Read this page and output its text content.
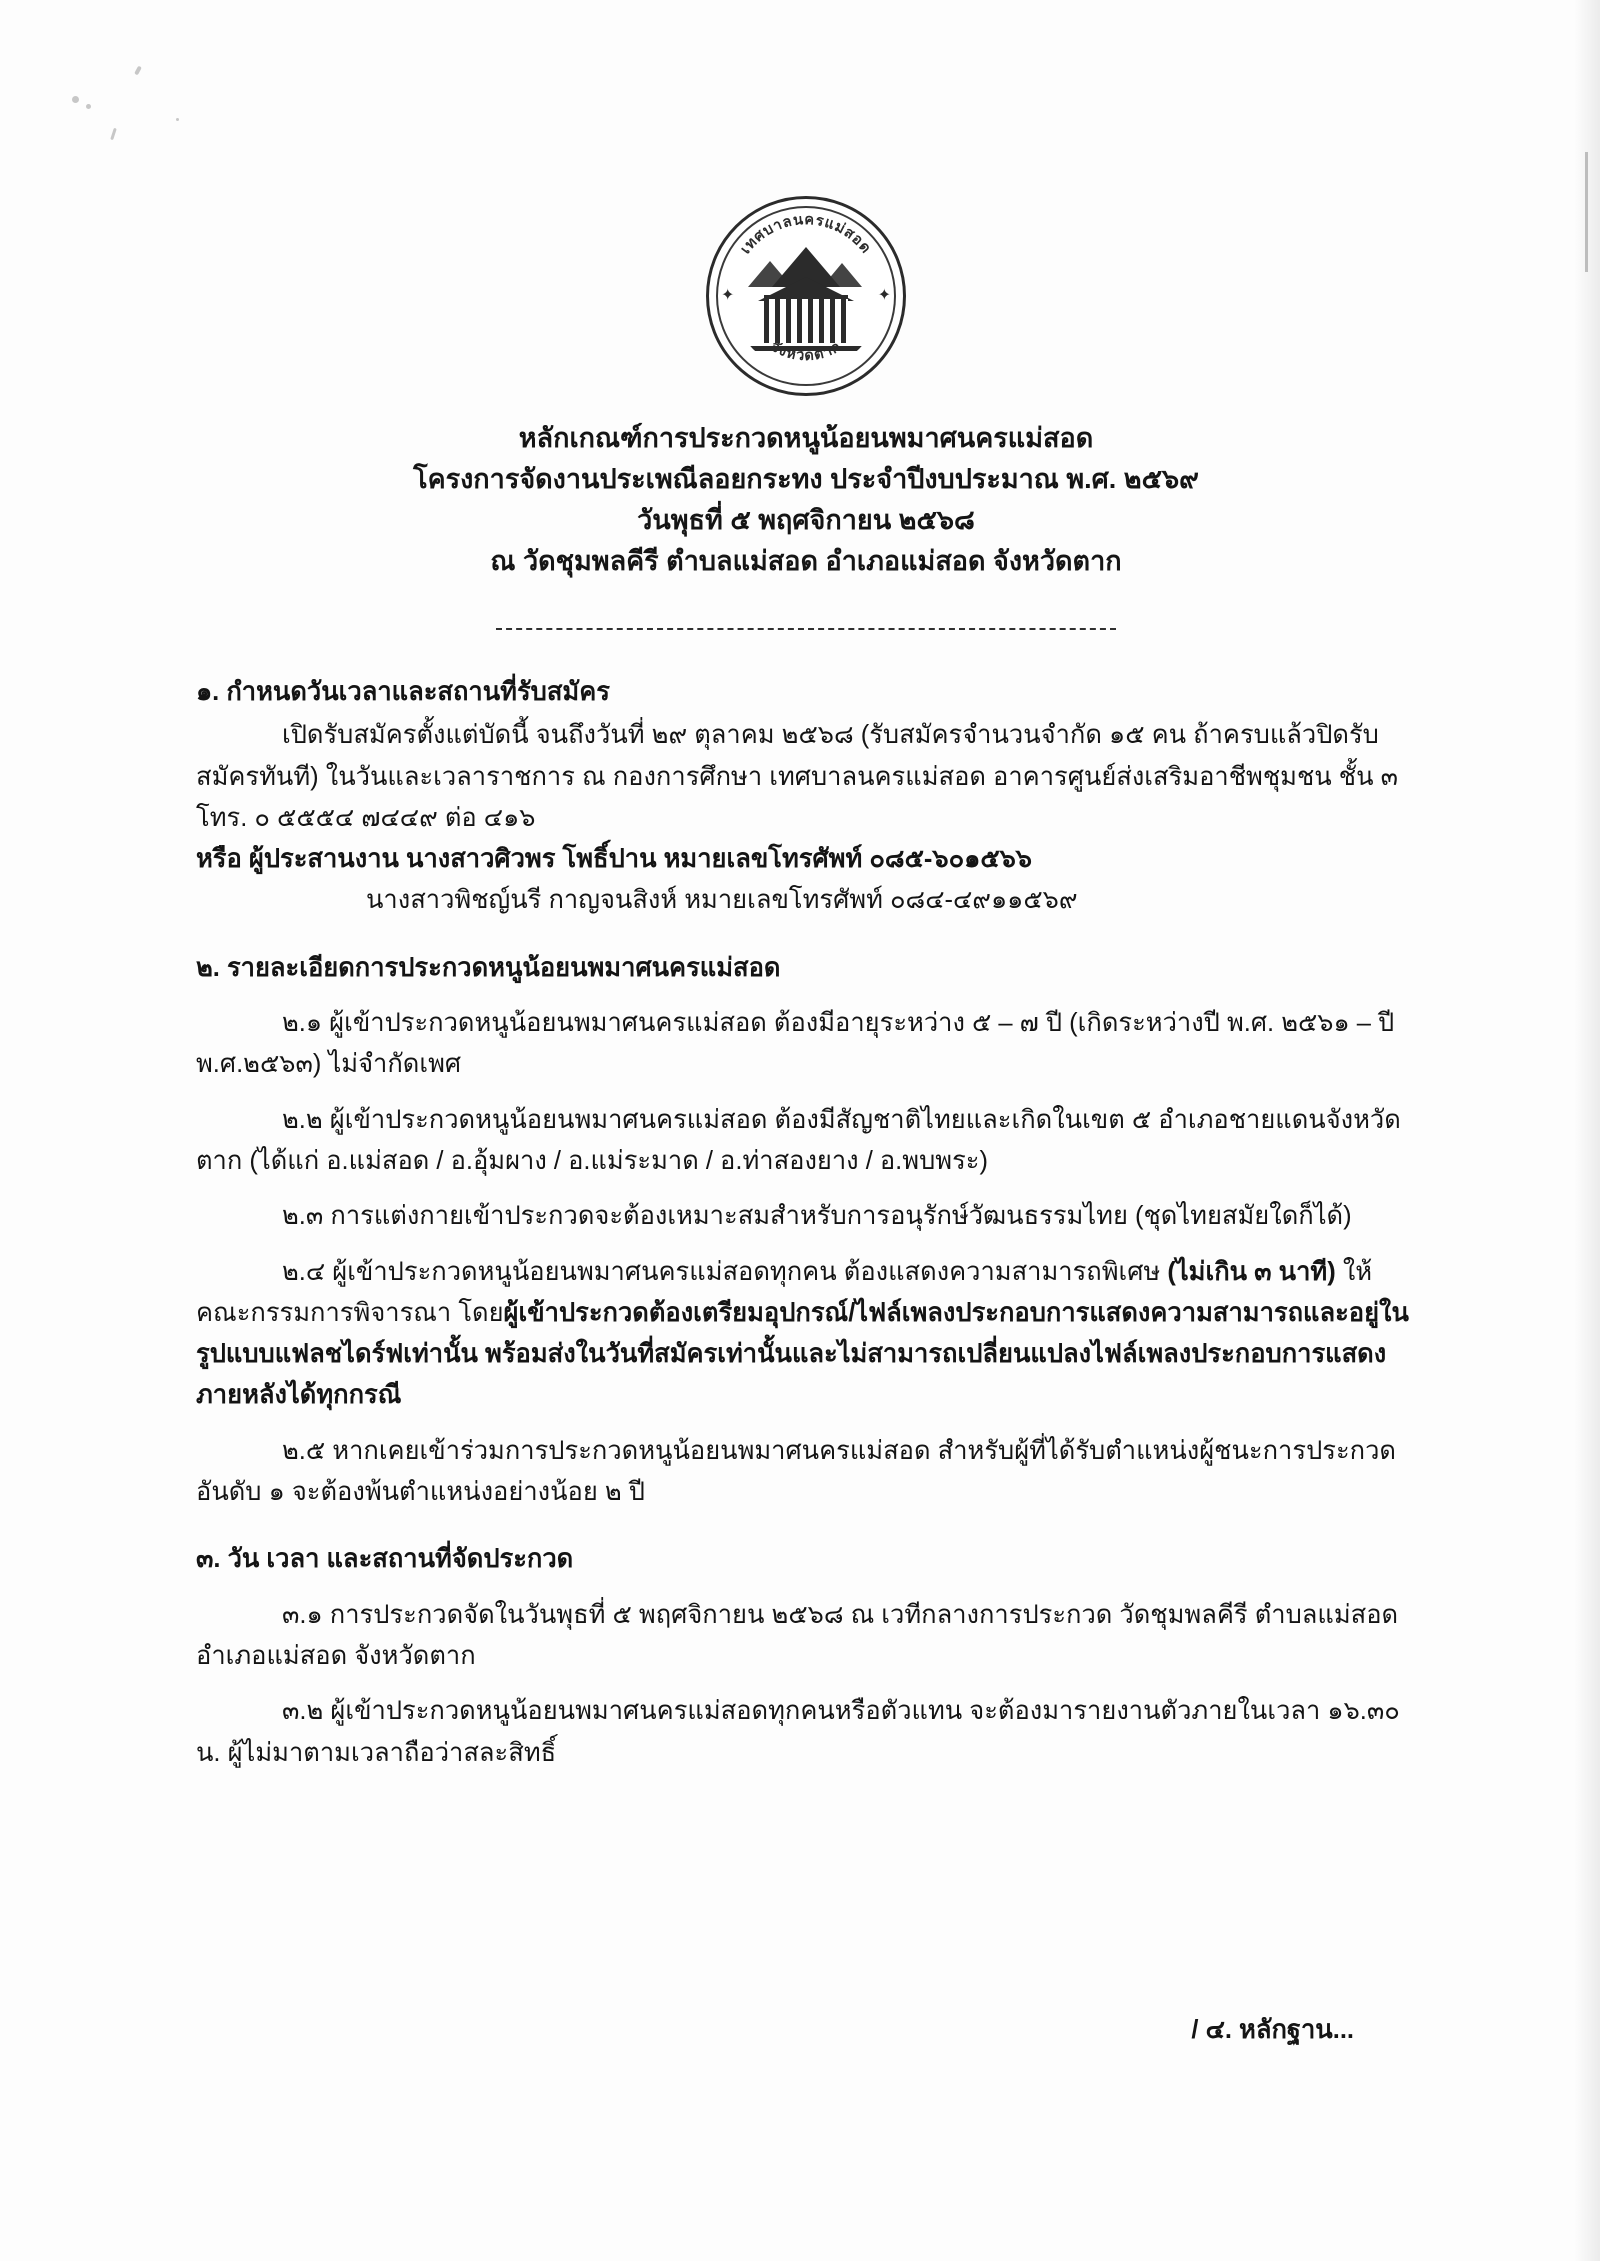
✦	✦
เทศบาลนครแม่สอด
จังหวัดตาก
หลักเกณฑ์การประกวดหนูน้อยนพมาศนครแม่สอด
โครงการจัดงานประเพณีลอยกระทง ประจำปีงบประมาณ พ.ศ. ๒๕๖๙
วันพุธที่ ๕ พฤศจิกายน ๒๕๖๘
ณ วัดชุมพลคีรี ตำบลแม่สอด อำเภอแม่สอด จังหวัดตาก
๑. กำหนดวันเวลาและสถานที่รับสมัคร

เปิดรับสมัครตั้งแต่บัดนี้ จนถึงวันที่ ๒๙ ตุลาคม ๒๕๖๘ (รับสมัครจำนวนจำกัด ๑๕ คน ถ้าครบแล้วปิดรับสมัครทันที) ในวันและเวลาราชการ ณ กองการศึกษา เทศบาลนครแม่สอด อาคารศูนย์ส่งเสริมอาชีพชุมชน ชั้น ๓ โทร. ๐ ๕๕๕๔ ๗๔๔๙ ต่อ ๔๑๖

หรือ ผู้ประสานงาน นางสาวศิวพร โพธิ์ปาน หมายเลขโทรศัพท์ ๐๘๕-๖๐๑๕๖๖

นางสาวพิชญ์นรี กาญจนสิงห์ หมายเลขโทรศัพท์ ๐๘๔-๔๙๑๑๕๖๙

๒. รายละเอียดการประกวดหนูน้อยนพมาศนครแม่สอด

๒.๑ ผู้เข้าประกวดหนูน้อยนพมาศนครแม่สอด ต้องมีอายุระหว่าง ๕ – ๗ ปี (เกิดระหว่างปี พ.ศ. ๒๕๖๑ – ปี พ.ศ.๒๕๖๓) ไม่จำกัดเพศ

๒.๒ ผู้เข้าประกวดหนูน้อยนพมาศนครแม่สอด ต้องมีสัญชาติไทยและเกิดในเขต ๕ อำเภอชายแดนจังหวัดตาก (ได้แก่ อ.แม่สอด / อ.อุ้มผาง / อ.แม่ระมาด / อ.ท่าสองยาง / อ.พบพระ)

๒.๓ การแต่งกายเข้าประกวดจะต้องเหมาะสมสำหรับการอนุรักษ์วัฒนธรรมไทย (ชุดไทยสมัยใดก็ได้)

๒.๔ ผู้เข้าประกวดหนูน้อยนพมาศนครแม่สอดทุกคน ต้องแสดงความสามารถพิเศษ (ไม่เกิน ๓ นาที) ให้คณะกรรมการพิจารณา โดยผู้เข้าประกวดต้องเตรียมอุปกรณ์/ไฟล์เพลงประกอบการแสดงความสามารถและอยู่ในรูปแบบแฟลชไดร์ฟเท่านั้น พร้อมส่งในวันที่สมัครเท่านั้นและไม่สามารถเปลี่ยนแปลงไฟล์เพลงประกอบการแสดงภายหลังได้ทุกกรณี

๒.๕ หากเคยเข้าร่วมการประกวดหนูน้อยนพมาศนครแม่สอด สำหรับผู้ที่ได้รับตำแหน่งผู้ชนะการประกวดอันดับ ๑ จะต้องพ้นตำแหน่งอย่างน้อย ๒ ปี

๓. วัน เวลา และสถานที่จัดประกวด

๓.๑ การประกวดจัดในวันพุธที่ ๕ พฤศจิกายน ๒๕๖๘ ณ เวทีกลางการประกวด วัดชุมพลคีรี ตำบลแม่สอด อำเภอแม่สอด จังหวัดตาก

๓.๒ ผู้เข้าประกวดหนูน้อยนพมาศนครแม่สอดทุกคนหรือตัวแทน จะต้องมารายงานตัวภายในเวลา ๑๖.๓๐ น. ผู้ไม่มาตามเวลาถือว่าสละสิทธิ์

/ ๔. หลักฐาน...
